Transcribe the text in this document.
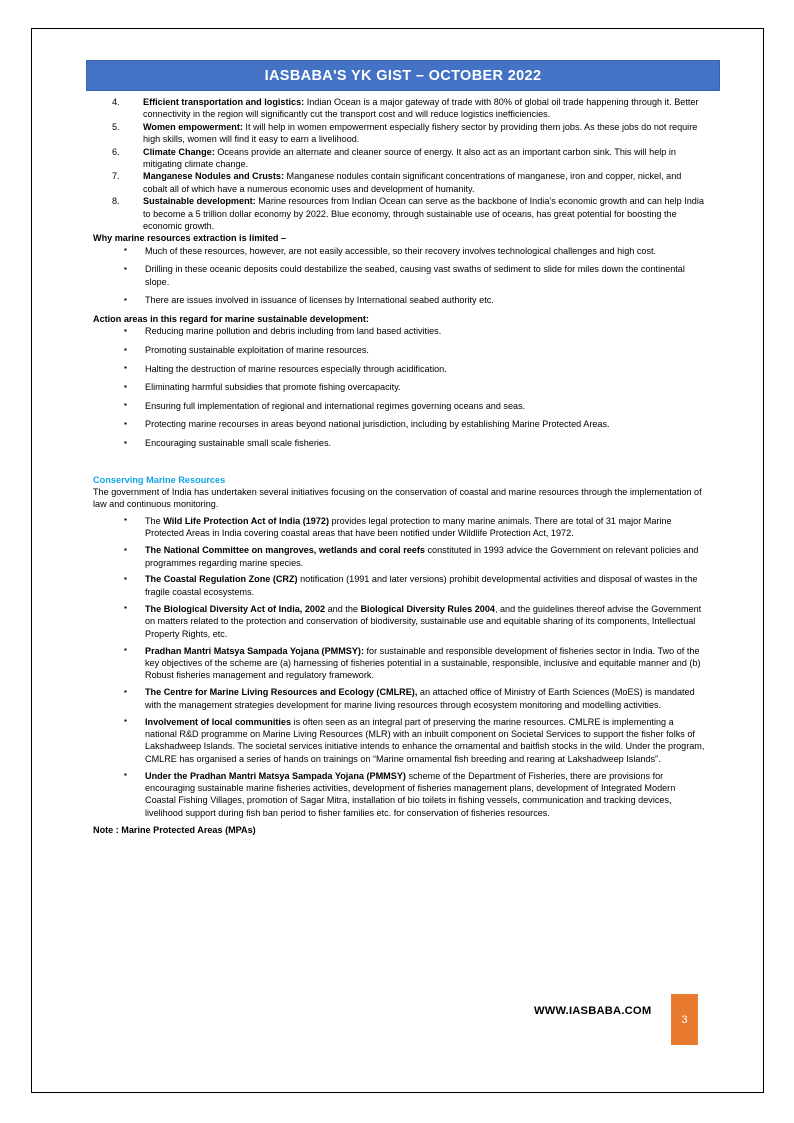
IASBABA'S YK GIST – OCTOBER 2022
4.	Efficient transportation and logistics: Indian Ocean is a major gateway of trade with 80% of global oil trade happening through it. Better connectivity in the region will significantly cut the transport cost and will reduce logistics inefficiencies.
5.	Women empowerment: It will help in women empowerment especially fishery sector by providing them jobs. As these jobs do not require high skills, women will find it easy to earn a livelihood.
6.	Climate Change: Oceans provide an alternate and cleaner source of energy. It also act as an important carbon sink. This will help in mitigating climate change.
7.	Manganese Nodules and Crusts: Manganese nodules contain significant concentrations of manganese, iron and copper, nickel, and cobalt all of which have a numerous economic uses and development of humanity.
8.	Sustainable development: Marine resources from Indian Ocean can serve as the backbone of India’s economic growth and can help India to become a 5 trillion dollar economy by 2022. Blue economy, through sustainable use of oceans, has great potential for boosting the economic growth.

Why marine resources extraction is limited –

▪ Much of these resources, however, are not easily accessible, so their recovery involves technological challenges and high cost.
▪ Drilling in these oceanic deposits could destabilize the seabed, causing vast swaths of sediment to slide for miles down the continental slope.
▪ There are issues involved in issuance of licenses by International seabed authority etc.

Action areas in this regard for marine sustainable development:

▪ Reducing marine pollution and debris including from land based activities.
▪ Promoting sustainable exploitation of marine resources.
▪ Halting the destruction of marine resources especially through acidification.
▪ Eliminating harmful subsidies that promote fishing overcapacity.
▪ Ensuring full implementation of regional and international regimes governing oceans and seas.
▪ Protecting marine recourses in areas beyond national jurisdiction, including by establishing Marine Protected Areas.
▪ Encouraging sustainable small scale fisheries.

Conserving Marine Resources

The government of India has undertaken several initiatives focusing on the conservation of coastal and marine resources through the implementation of law and continuous monitoring.

▪ The Wild Life Protection Act of India (1972) provides legal protection to many marine animals. There are total of 31 major Marine Protected Areas in India covering coastal areas that have been notified under Wildlife Protection Act, 1972.
▪ The National Committee on mangroves, wetlands and coral reefs constituted in 1993 advice the Government on relevant policies and programmes regarding marine species.
▪ The Coastal Regulation Zone (CRZ) notification (1991 and later versions) prohibit developmental activities and disposal of wastes in the fragile coastal ecosystems.
▪ The Biological Diversity Act of India, 2002 and the Biological Diversity Rules 2004, and the guidelines thereof advise the Government on matters related to the protection and conservation of biodiversity, sustainable use and equitable sharing of its components, Intellectual Property Rights, etc.
▪ Pradhan Mantri Matsya Sampada Yojana (PMMSY): for sustainable and responsible development of fisheries sector in India. Two of the key objectives of the scheme are (a) harnessing of fisheries potential in a sustainable, responsible, inclusive and equitable manner and (b) Robust fisheries management and regulatory framework.
▪ The Centre for Marine Living Resources and Ecology (CMLRE), an attached office of Ministry of Earth Sciences (MoES) is mandated with the management strategies development for marine living resources through ecosystem monitoring and modelling activities.
▪ Involvement of local communities is often seen as an integral part of preserving the marine resources. CMLRE is implementing a national R&D programme on Marine Living Resources (MLR) with an inbuilt component on Societal Services to support the fisher folks of Lakshadweep Islands. The societal services initiative intends to enhance the ornamental and baitfish stocks in the wild. Under the program, CMLRE has organised a series of hands on trainings on “Marine ornamental fish breeding and rearing at Lakshadweep Islands”.
▪ Under the Pradhan Mantri Matsya Sampada Yojana (PMMSY) scheme of the Department of Fisheries, there are provisions for encouraging sustainable marine fisheries activities, development of fisheries management plans, development of Integrated Modern Coastal Fishing Villages, promotion of Sagar Mitra, installation of bio toilets in fishing vessels, communication and tracking devices, livelihood support during fish ban period to fisher families etc. for conservation of fisheries resources.

Note : Marine Protected Areas (MPAs)

WWW.IASBABA.COM
3
